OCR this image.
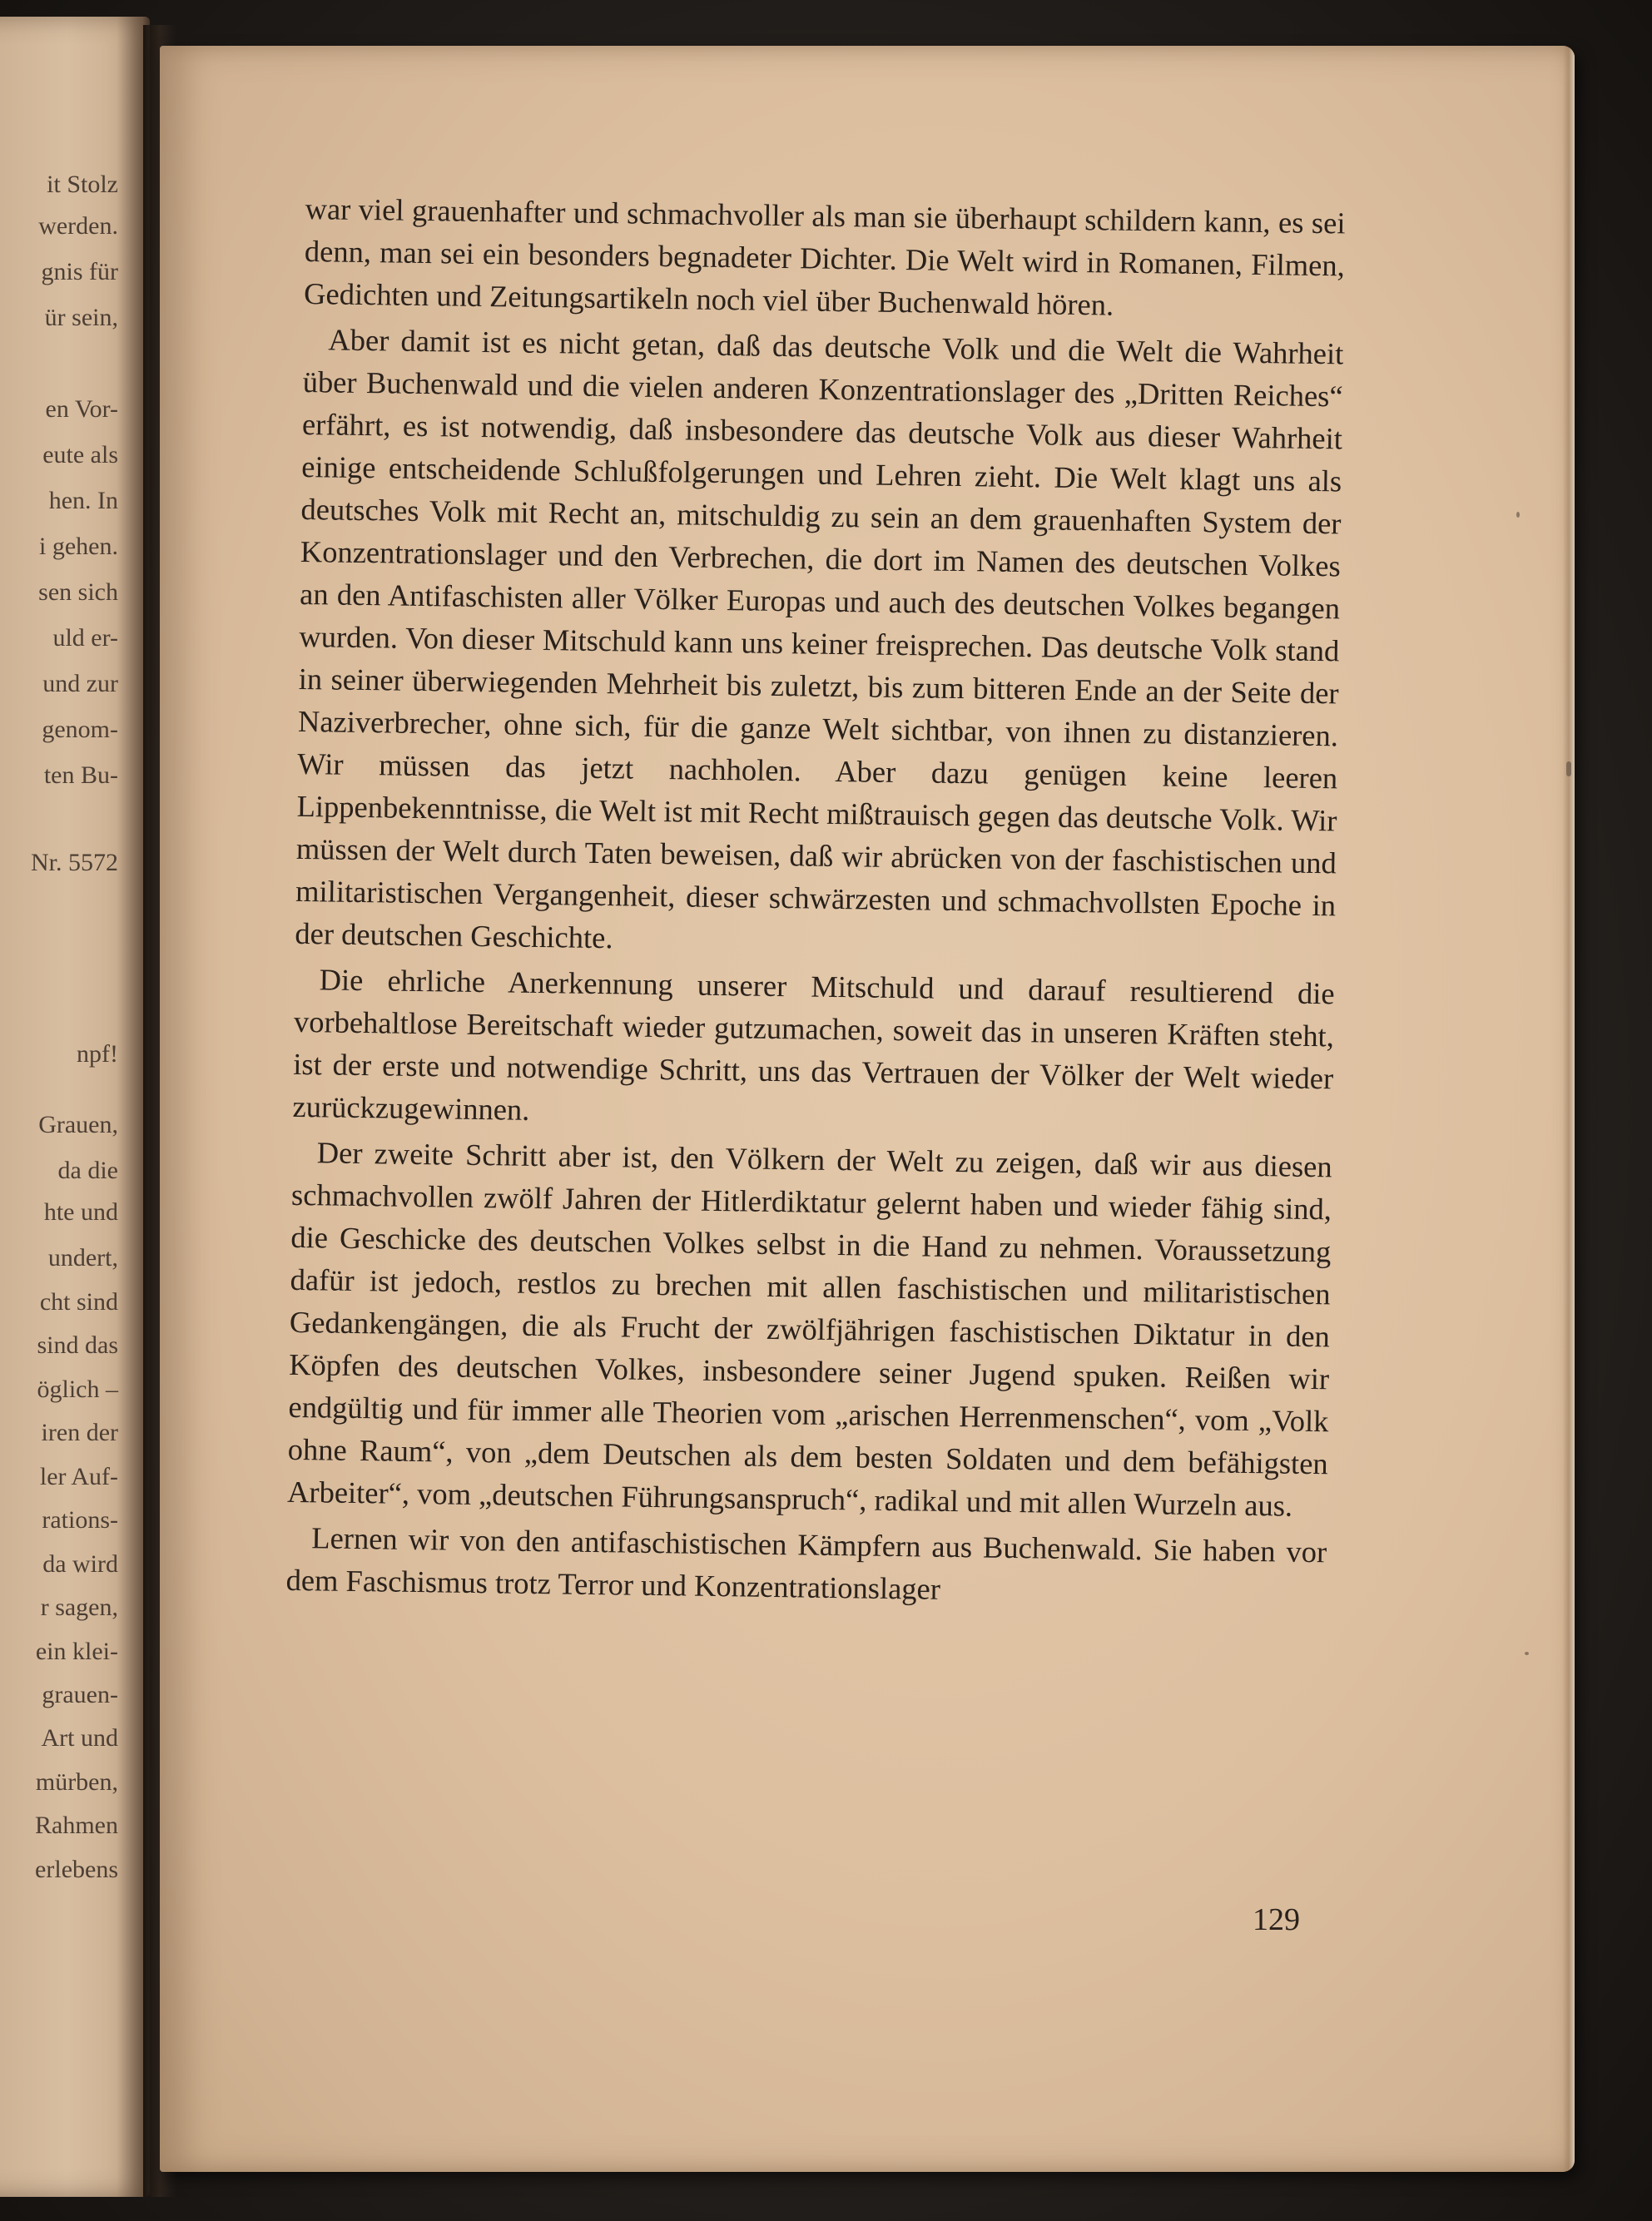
it Stolz
werden.
gnis für
ür sein,
en Vor-
eute als
hen. In
i gehen.
sen sich
uld er-
und zur
genom-
ten Bu-
Nr. 5572
npf!
Grauen,
da die
hte und
undert,
cht sind
sind das
öglich –
iren der
ler Auf-
rations-
da wird
r sagen,
ein klei-
grauen-
Art und
mürben,
Rahmen
erlebens

war viel grauenhafter und schmachvoller als man sie überhaupt schildern kann, es sei denn, man sei ein besonders begnadeter Dichter. Die Welt wird in Romanen, Filmen, Gedichten und Zeitungsartikeln noch viel über Buchenwald hören.

Aber damit ist es nicht getan, daß das deutsche Volk und die Welt die Wahrheit über Buchenwald und die vielen anderen Konzentrationslager des „Dritten Reiches“ erfährt, es ist notwendig, daß insbesondere das deutsche Volk aus dieser Wahrheit einige entscheidende Schlußfolgerungen und Lehren zieht. Die Welt klagt uns als deutsches Volk mit Recht an, mitschuldig zu sein an dem grauenhaften System der Konzentrationslager und den Verbrechen, die dort im Namen des deutschen Volkes an den Antifaschisten aller Völker Europas und auch des deutschen Volkes begangen wurden. Von dieser Mitschuld kann uns keiner freisprechen. Das deutsche Volk stand in seiner überwiegenden Mehrheit bis zuletzt, bis zum bitteren Ende an der Seite der Naziverbrecher, ohne sich, für die ganze Welt sichtbar, von ihnen zu distanzieren. Wir müssen das jetzt nachholen. Aber dazu genügen keine leeren Lippenbekenntnisse, die Welt ist mit Recht mißtrauisch gegen das deutsche Volk. Wir müssen der Welt durch Taten beweisen, daß wir abrücken von der faschistischen und militaristischen Vergangenheit, dieser schwärzesten und schmachvollsten Epoche in der deutschen Geschichte.

Die ehrliche Anerkennung unserer Mitschuld und darauf resultierend die vorbehaltlose Bereitschaft wieder gutzumachen, soweit das in unseren Kräften steht, ist der erste und notwendige Schritt, uns das Vertrauen der Völker der Welt wieder zurückzugewinnen.

Der zweite Schritt aber ist, den Völkern der Welt zu zeigen, daß wir aus diesen schmachvollen zwölf Jahren der Hitlerdiktatur gelernt haben und wieder fähig sind, die Geschicke des deutschen Volkes selbst in die Hand zu nehmen. Voraussetzung dafür ist jedoch, restlos zu brechen mit allen faschistischen und militaristischen Gedankengängen, die als Frucht der zwölfjährigen faschistischen Diktatur in den Köpfen des deutschen Volkes, insbesondere seiner Jugend spuken. Reißen wir endgültig und für immer alle Theorien vom „arischen Herrenmenschen“, vom „Volk ohne Raum“, von „dem Deutschen als dem besten Soldaten und dem befähigsten Arbeiter“, vom „deutschen Führungsanspruch“, radikal und mit allen Wurzeln aus.

Lernen wir von den antifaschistischen Kämpfern aus Buchenwald. Sie haben vor dem Faschismus trotz Terror und Konzentrationslager

129
